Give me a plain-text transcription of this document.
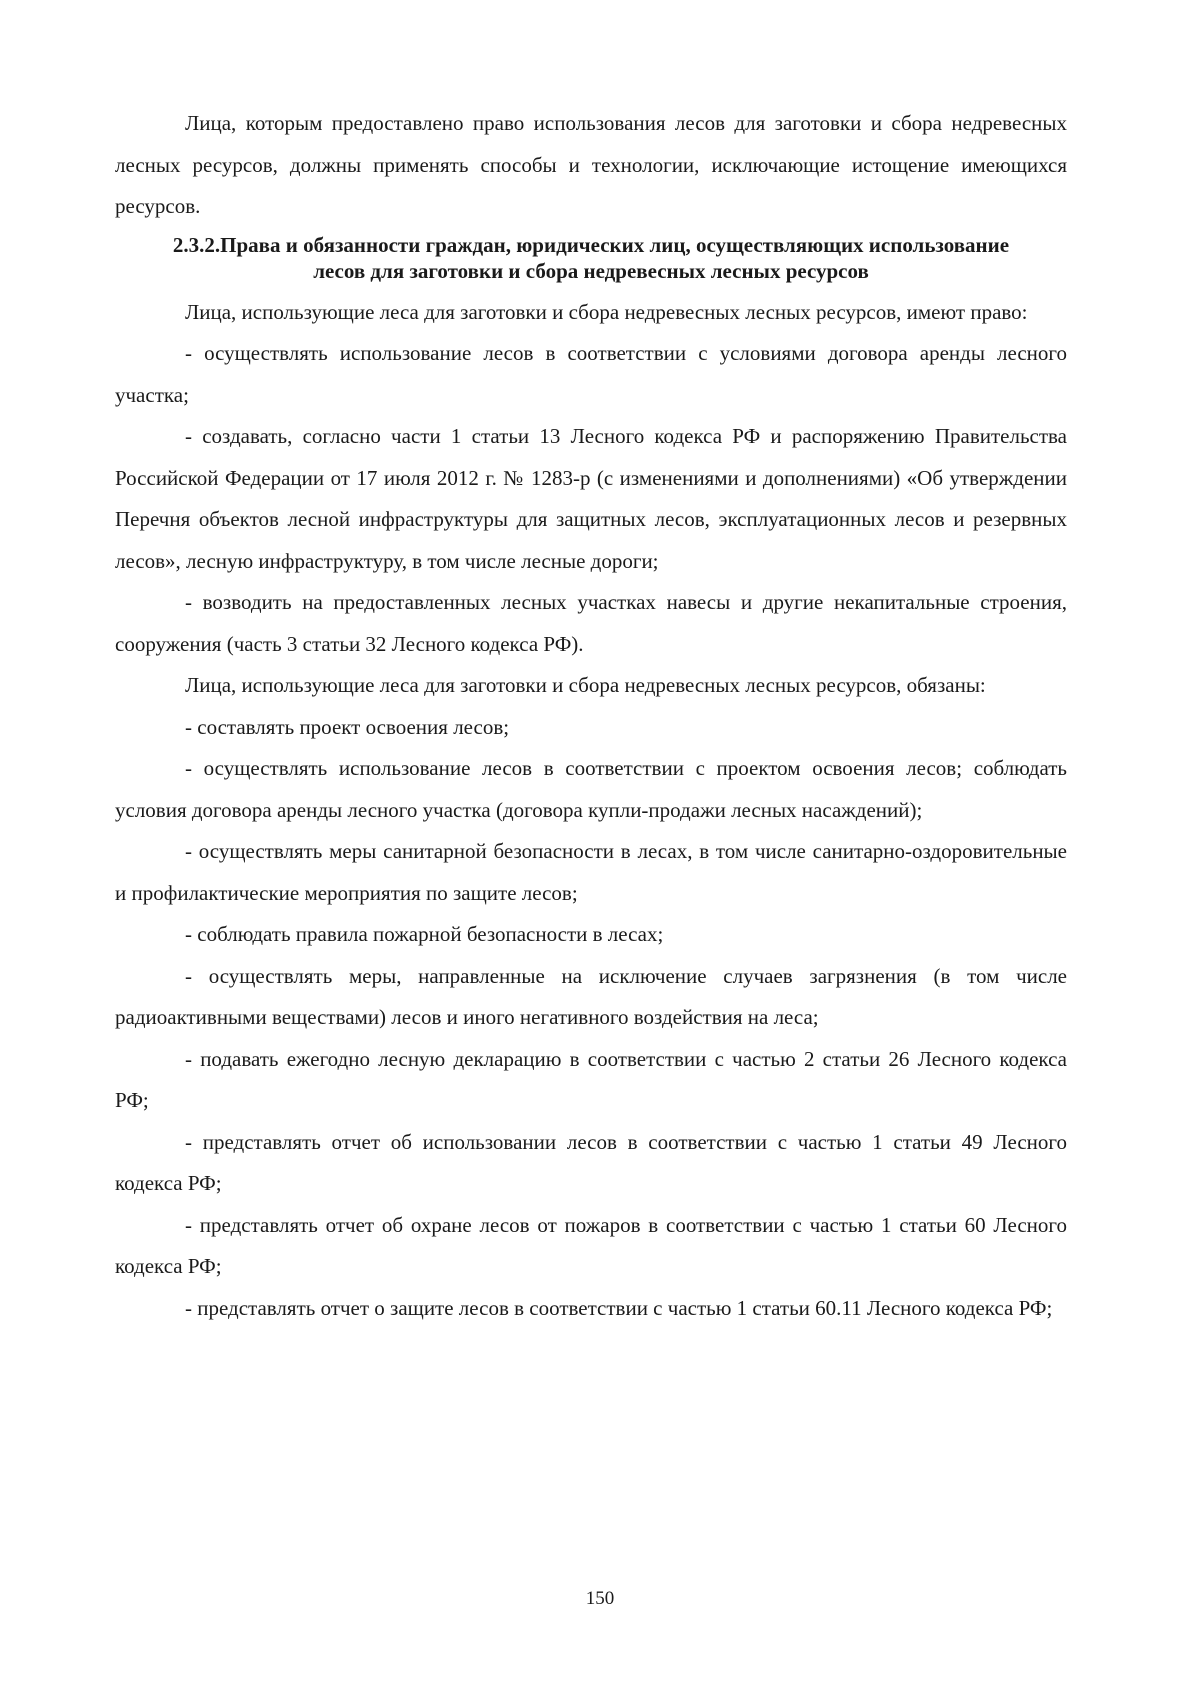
Лица, которым предоставлено право использования лесов для заготовки и сбора недревесных лесных ресурсов, должны применять способы и технологии, исключающие истощение имеющихся ресурсов.

2.3.2.Права и обязанности граждан, юридических лиц, осуществляющих использование лесов для заготовки и сбора недревесных лесных ресурсов

Лица, использующие леса для заготовки и сбора недревесных лесных ресурсов, имеют право:

- осуществлять использование лесов в соответствии с условиями договора аренды лесного участка;

- создавать, согласно части 1 статьи 13 Лесного кодекса РФ и распоряжению Правительства Российской Федерации от 17 июля 2012 г. № 1283-р (с изменениями и дополнениями) «Об утверждении Перечня объектов лесной инфраструктуры для защитных лесов, эксплуатационных лесов и резервных лесов», лесную инфраструктуру, в том числе лесные дороги;

- возводить на предоставленных лесных участках навесы и другие некапитальные строения, сооружения (часть 3 статьи 32 Лесного кодекса РФ).

Лица, использующие леса для заготовки и сбора недревесных лесных ресурсов, обязаны:

- составлять проект освоения лесов;

- осуществлять использование лесов в соответствии с проектом освоения лесов; соблюдать условия договора аренды лесного участка (договора купли-продажи лесных насаждений);

- осуществлять меры санитарной безопасности в лесах, в том числе санитарно-оздоровительные и профилактические мероприятия по защите лесов;

- соблюдать правила пожарной безопасности в лесах;

- осуществлять меры, направленные на исключение случаев загрязнения (в том числе радиоактивными веществами) лесов и иного негативного воздействия на леса;

- подавать ежегодно лесную декларацию в соответствии с частью 2 статьи 26 Лесного кодекса РФ;

- представлять отчет об использовании лесов в соответствии с частью 1 статьи 49 Лесного кодекса РФ;

- представлять отчет об охране лесов от пожаров в соответствии с частью 1 статьи 60 Лесного кодекса РФ;

- представлять отчет о защите лесов в соответствии с частью 1 статьи 60.11 Лесного кодекса РФ;

150
